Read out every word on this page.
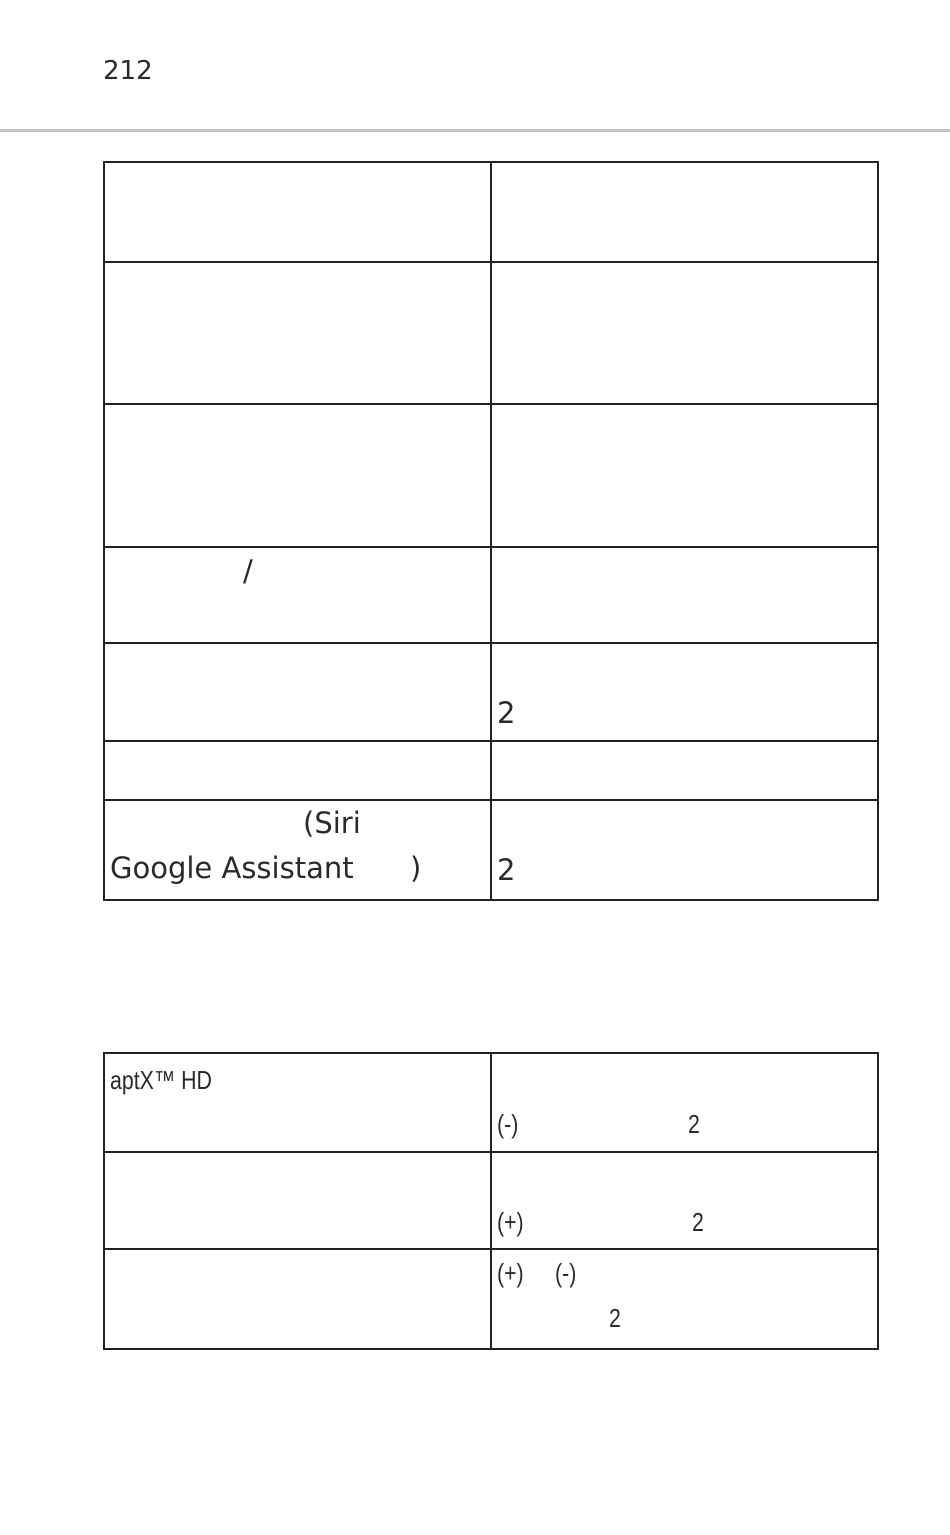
212

/	

	2

(Siri
Google Assistant )	2
aptX™ HD	(-) 2

	(+) 2

	(+) (-)
2
